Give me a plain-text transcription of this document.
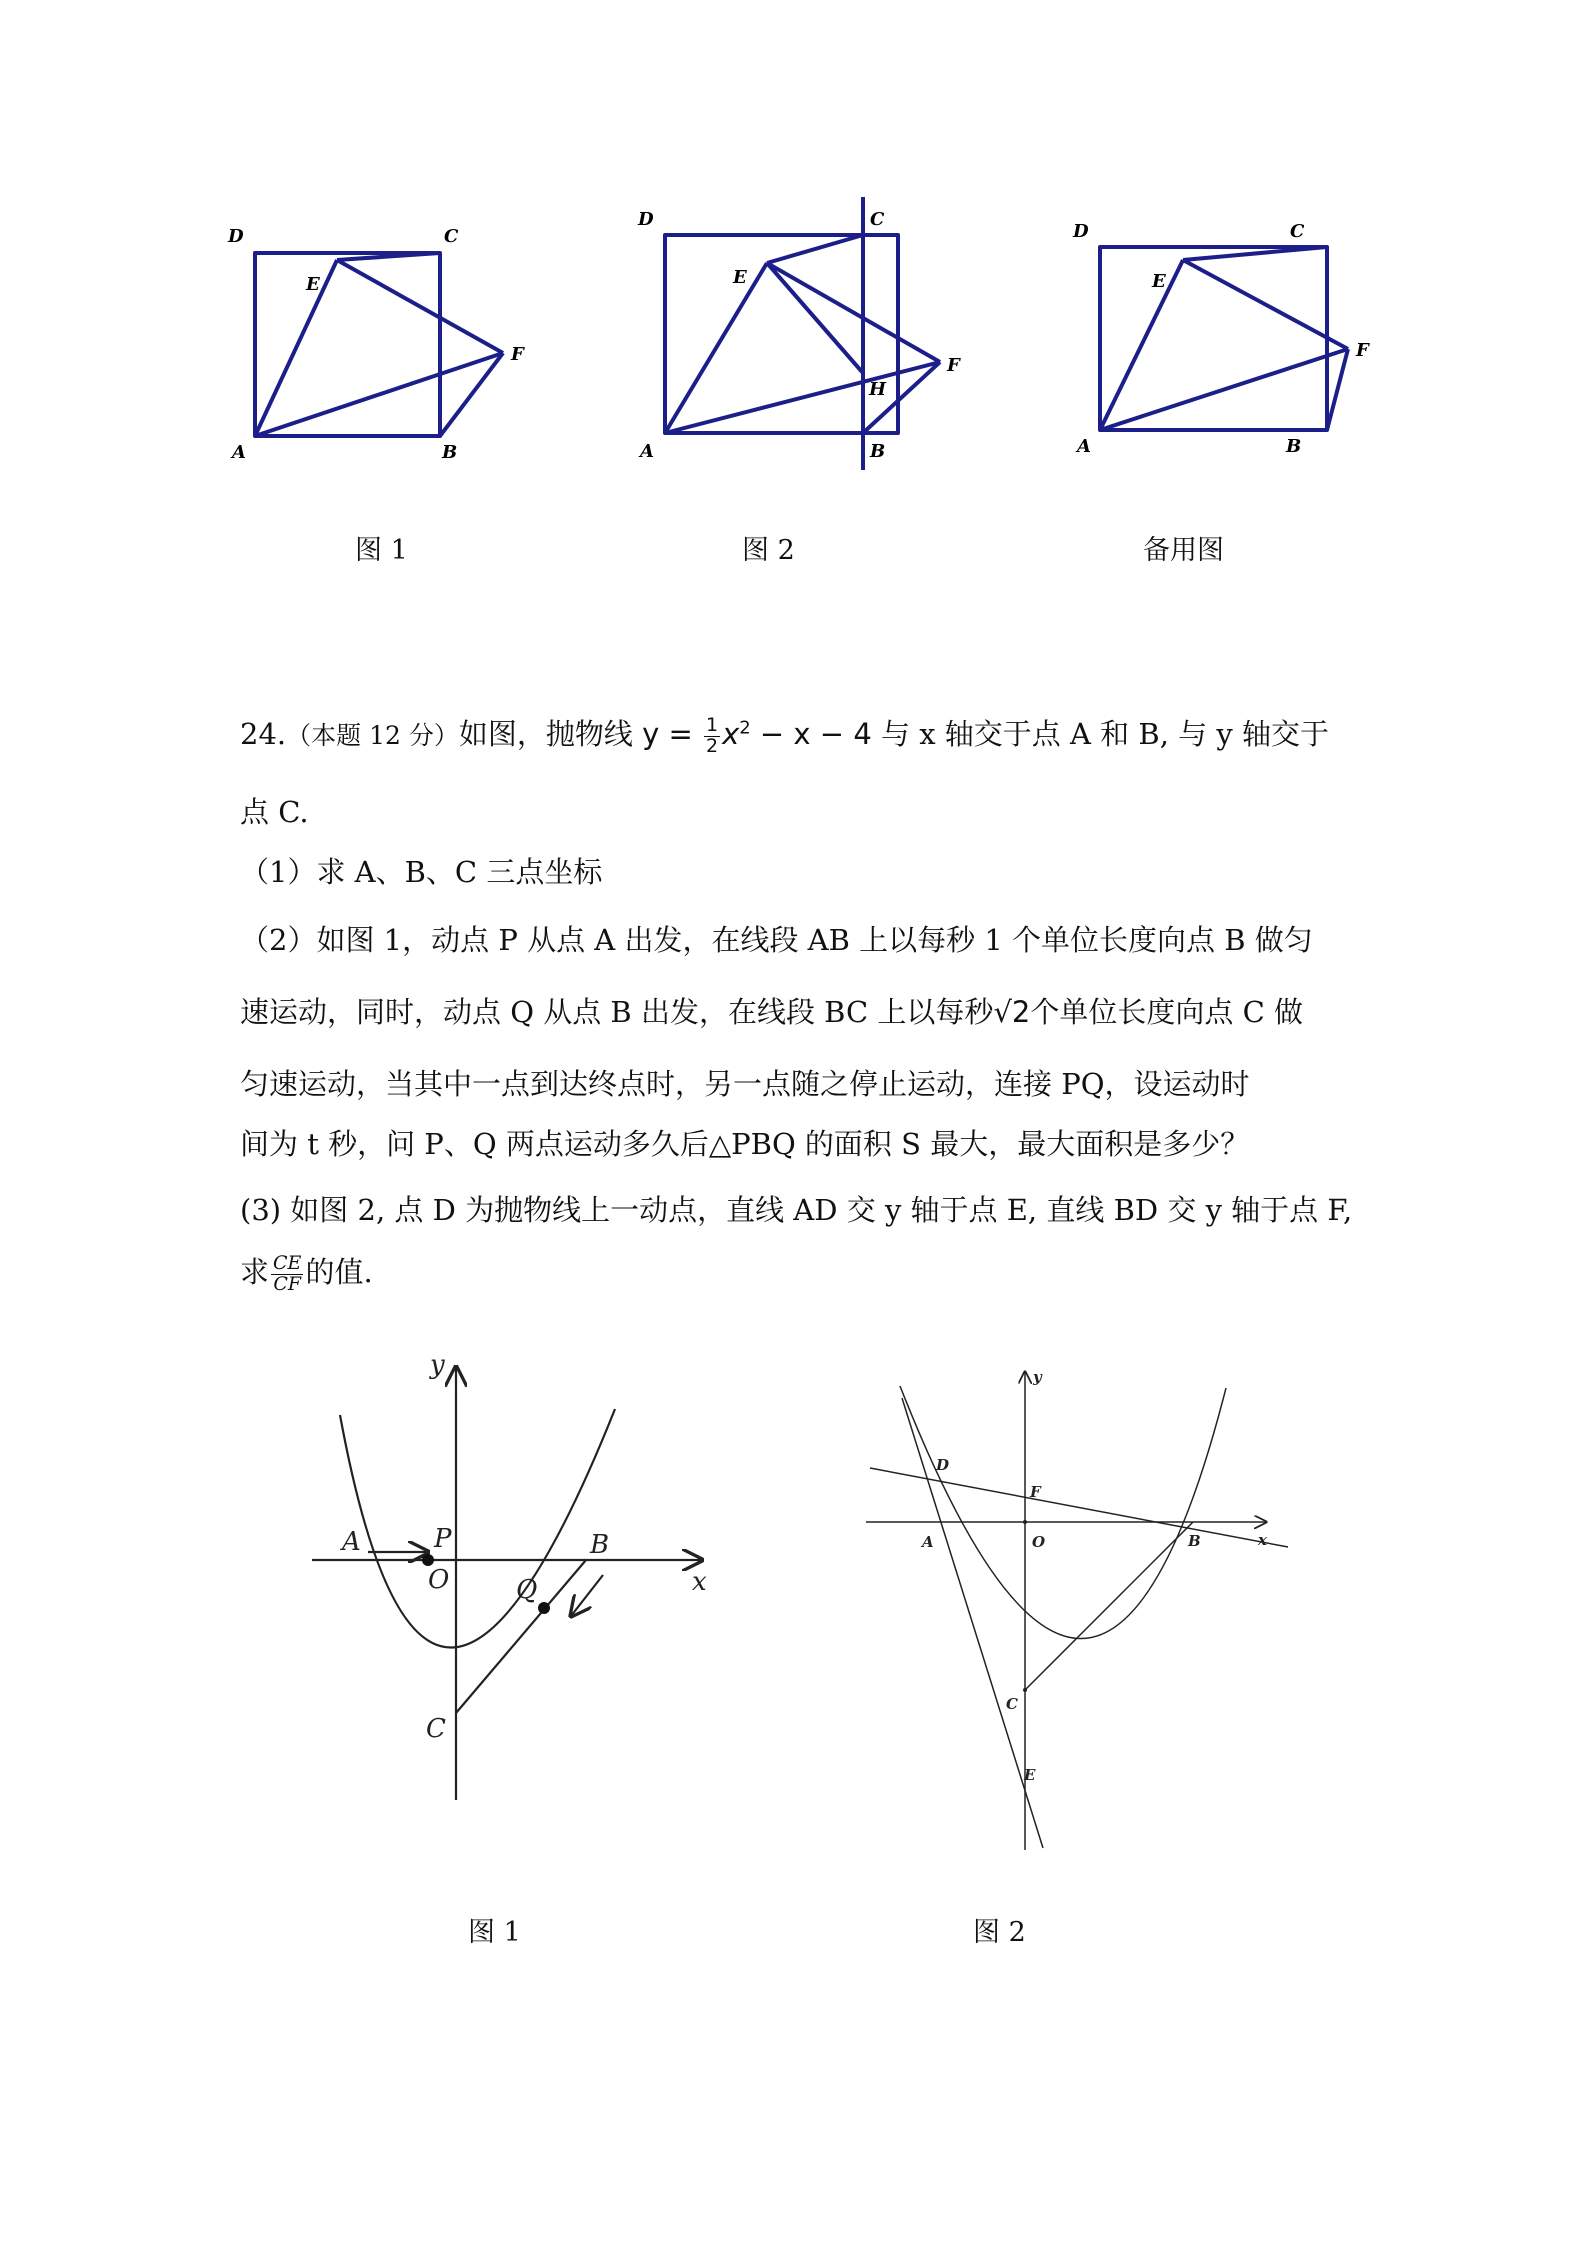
D	C
E
F
A	B
图 1
D	C
E
F
H
A	B
图 2
D	C
E
F
A	B
备用图
24.（本题 12 分）如图，抛物线 $y = \frac{1}{2} x^2 - x - 4$ 与 x 轴交于点 A 和 B, 与 y 轴交于
点 C.
（1）求 A、B、C 三点坐标
（2）如图 1，动点 P 从点 A 出发，在线段 AB 上以每秒 1 个单位长度向点 B 做匀
速运动，同时，动点 Q 从点 B 出发，在线段 BC 上以每秒√2个单位长度向点 C 做
匀速运动，当其中一点到达终点时，另一点随之停止运动，连接 PQ，设运动时
间为 t 秒，问 P、Q 两点运动多久后△PBQ 的面积 S 最大，最大面积是多少？
(3) 如图 2, 点 D 为抛物线上一动点，直线 AD 交 y 轴于点 E, 直线 BD 交 y 轴于点 F,
求 $\frac{CE}{CF}$ 的值.
y
x
A	P
O
B
Q
C
图 1
y
x
D
F
A	O	B
C
E
图 2
